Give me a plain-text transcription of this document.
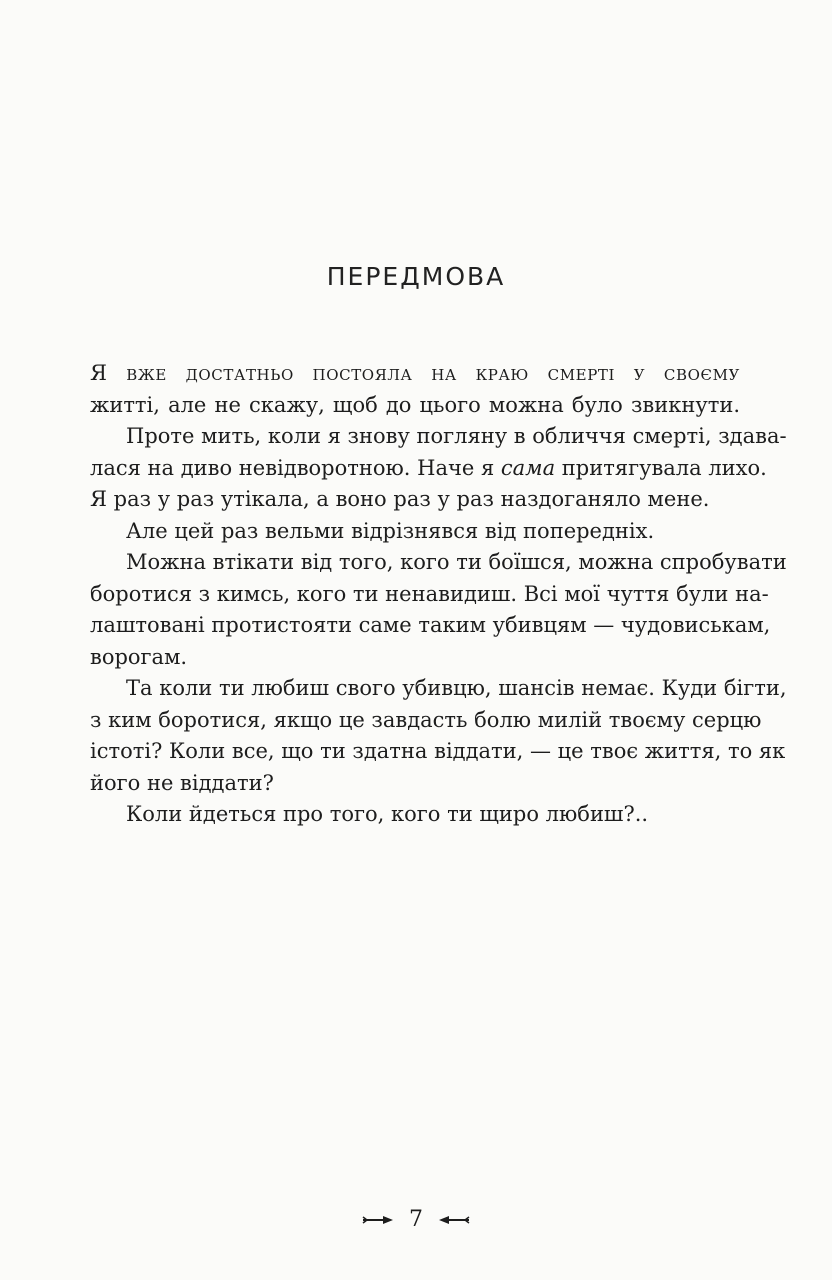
ПЕРЕДМОВА
Я вже достатньо постояла на краю смерті у своєму
житті, але не скажу, щоб до цього можна було звикнути.
Проте мить, коли я знову погляну в обличчя смерті, здава-
лася на диво невідворотною. Наче я сама притягувала лихо.
Я раз у раз утікала, а воно раз у раз наздоганяло мене.
Але цей раз вельми відрізнявся від попередніх.
Можна втікати від того, кого ти боїшся, можна спробувати
боротися з кимсь, кого ти ненавидиш. Всі мої чуття були на-
лаштовані протистояти саме таким убивцям — чудовиськам,
ворогам.
Та коли ти любиш свого убивцю, шансів немає. Куди бігти,
з ким боротися, якщо це завдасть болю милій твоєму серцю
істоті? Коли все, що ти здатна віддати, — це твоє життя, то як
його не віддати?
Коли йдеться про того, кого ти щиро любиш?..
7
